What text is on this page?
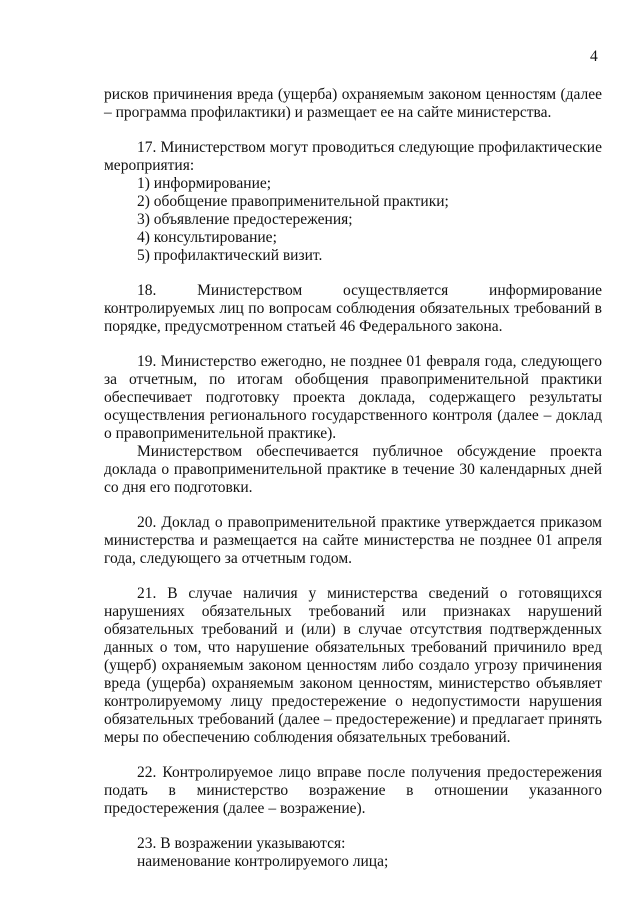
4

рисков причинения вреда (ущерба) охраняемым законом ценностям (далее – программа профилактики) и размещает ее на сайте министерства.

17. Министерством могут проводиться следующие профилактические мероприятия:

1) информирование;
2) обобщение правоприменительной практики;
3) объявление предостережения;
4) консультирование;
5) профилактический визит.

18. Министерством осуществляется информирование контролируемых лиц по вопросам соблюдения обязательных требований в порядке, предусмотренном статьей 46 Федерального закона.

19. Министерство ежегодно, не позднее 01 февраля года, следующего за отчетным, по итогам обобщения правоприменительной практики обеспечивает подготовку проекта доклада, содержащего результаты осуществления регионального государственного контроля (далее – доклад о правоприменительной практике).

Министерством обеспечивается публичное обсуждение проекта доклада о правоприменительной практике в течение 30 календарных дней со дня его подготовки.

20. Доклад о правоприменительной практике утверждается приказом министерства и размещается на сайте министерства не позднее 01 апреля года, следующего за отчетным годом.

21. В случае наличия у министерства сведений о готовящихся нарушениях обязательных требований или признаках нарушений обязательных требований и (или) в случае отсутствия подтвержденных данных о том, что нарушение обязательных требований причинило вред (ущерб) охраняемым законом ценностям либо создало угрозу причинения вреда (ущерба) охраняемым законом ценностям, министерство объявляет контролируемому лицу предостережение о недопустимости нарушения обязательных требований (далее – предостережение) и предлагает принять меры по обеспечению соблюдения обязательных требований.

22. Контролируемое лицо вправе после получения предостережения подать в министерство возражение в отношении указанного предостережения (далее – возражение).

23. В возражении указываются:

наименование контролируемого лица;
